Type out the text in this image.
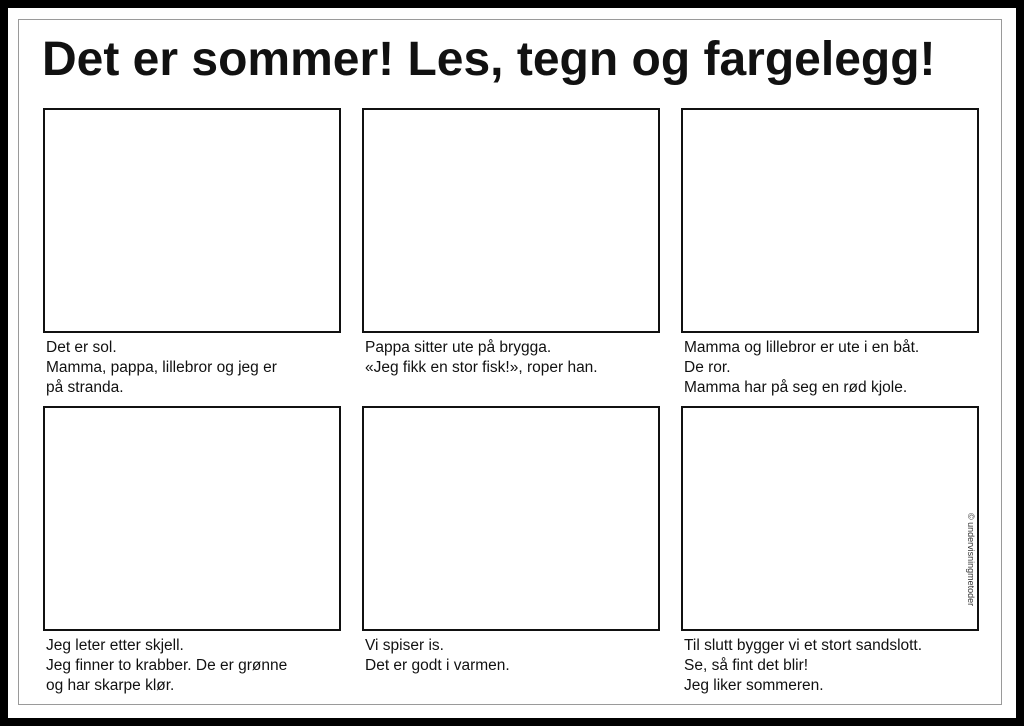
Det er sommer! Les, tegn og fargelegg!
Det er sol.
Mamma, pappa, lillebror og jeg er
på stranda.
Pappa sitter ute på brygga.
«Jeg fikk en stor fisk!», roper han.
Mamma og lillebror er ute i en båt.
De ror.
Mamma har på seg en rød kjole.
Jeg leter etter skjell.
Jeg finner to krabber. De er grønne
og har skarpe klør.
Vi spiser is.
Det er godt i varmen.
Til slutt bygger vi et stort sandslott.
Se, så fint det blir!
Jeg liker sommeren.
© undervisningmetoder
